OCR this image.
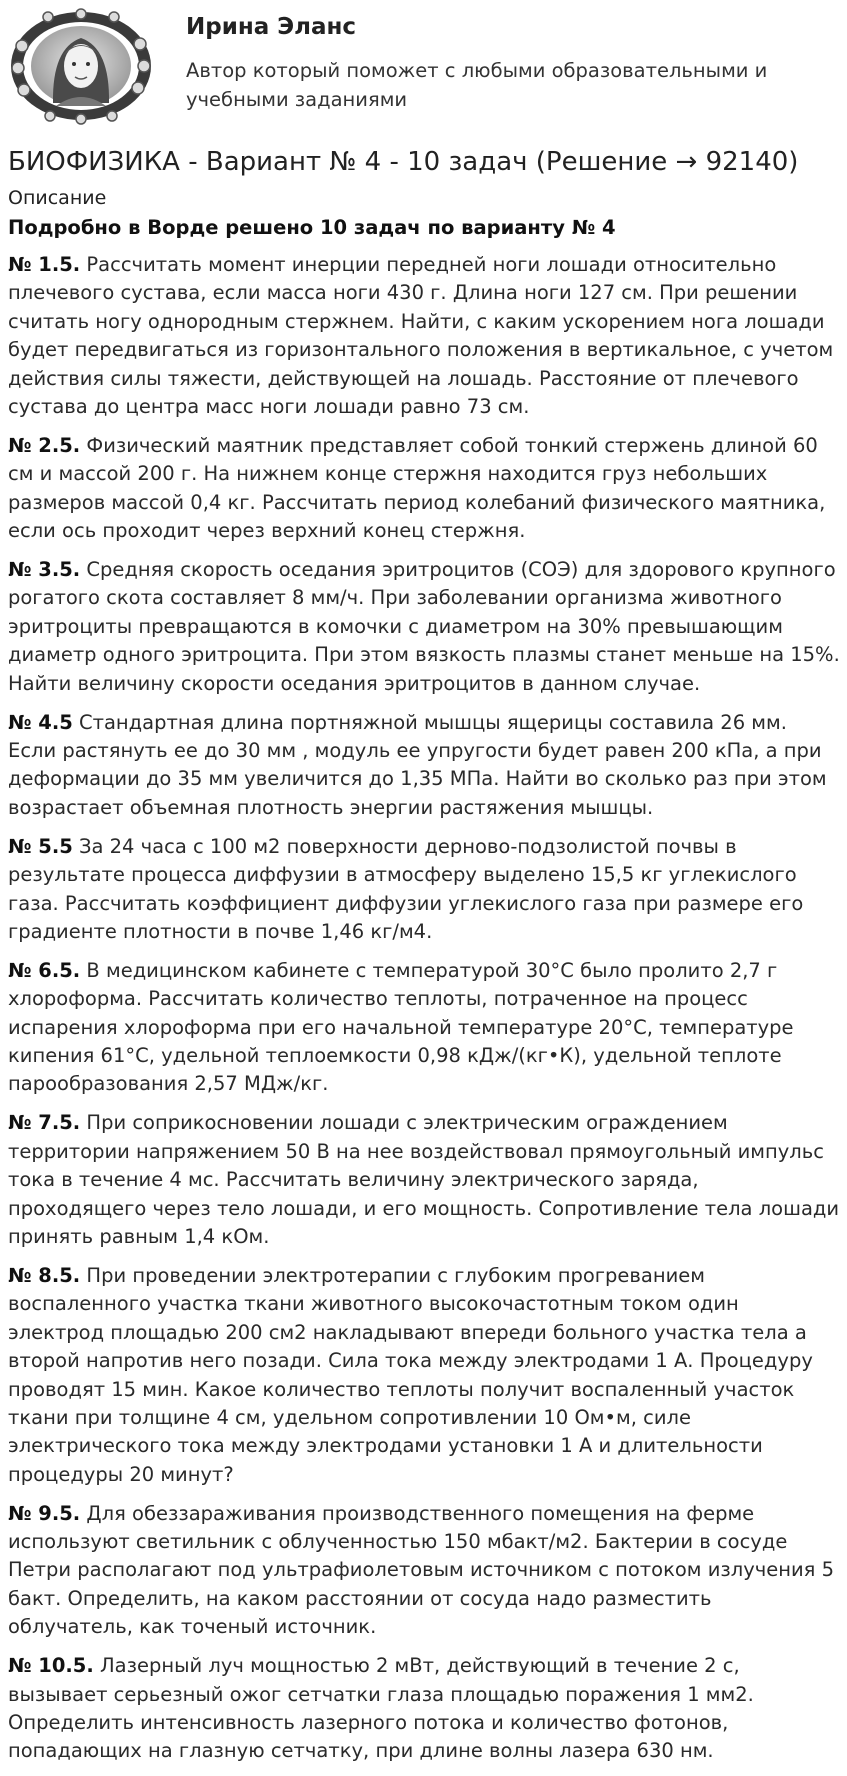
Ирина Эланс
Автор который поможет с любыми образовательными и учебными заданиями
БИОФИЗИКА - Вариант № 4 - 10 задач (Решение → 92140)
Описание
Подробно в Ворде решено 10 задач по варианту № 4

№ 1.5. Рассчитать момент инерции передней ноги лошади относительно плечевого сустава, если масса ноги 430 г. Длина ноги 127 см. При решении считать ногу однородным стержнем. Найти, с каким ускорением нога лошади будет передвигаться из горизонтального положения в вертикальное, с учетом действия силы тяжести, действующей на лошадь. Расстояние от плечевого сустава до центра масс ноги лошади равно 73 см.

№ 2.5. Физический маятник представляет собой тонкий стержень длиной 60 см и массой 200 г. На нижнем конце стержня находится груз небольших размеров массой 0,4 кг. Рассчитать период колебаний физического маятника, если ось проходит через верхний конец стержня.

№ 3.5. Средняя скорость оседания эритроцитов (СОЭ) для здорового крупного рогатого скота составляет 8 мм/ч. При заболевании организма животного эритроциты превращаются в комочки с диаметром на 30% превышающим диаметр одного эритроцита. При этом вязкость плазмы станет меньше на 15%. Найти величину скорости оседания эритроцитов в данном случае.

№ 4.5 Стандартная длина портняжной мышцы ящерицы составила 26 мм. Если растянуть ее до 30 мм , модуль ее упругости будет равен 200 кПа, а при деформации до 35 мм увеличится до 1,35 МПа. Найти во сколько раз при этом возрастает объемная плотность энергии растяжения мышцы.

№ 5.5 За 24 часа с 100 м2 поверхности дерново-подзолистой почвы в результате процесса диффузии в атмосферу выделено 15,5 кг углекислого газа. Рассчитать коэффициент диффузии углекислого газа при размере его градиенте плотности в почве 1,46 кг/м4.

№ 6.5. В медицинском кабинете с температурой 30°С было пролито 2,7 г хлороформа. Рассчитать количество теплоты, потраченное на процесс испарения хлороформа при его начальной температуре 20°С, температуре кипения 61°С, удельной теплоемкости 0,98 кДж/(кг•К), удельной теплоте парообразования 2,57 МДж/кг.

№ 7.5. При соприкосновении лошади с электрическим ограждением территории напряжением 50 В на нее воздействовал прямоугольный импульс тока в течение 4 мс. Рассчитать величину электрического заряда, проходящего через тело лошади, и его мощность. Сопротивление тела лошади принять равным 1,4 кОм.

№ 8.5. При проведении электротерапии с глубоким прогреванием воспаленного участка ткани животного высокочастотным током один электрод площадью 200 см2 накладывают впереди больного участка тела а второй напротив него позади. Сила тока между электродами 1 А. Процедуру проводят 15 мин. Какое количество теплоты получит воспаленный участок ткани при толщине 4 см, удельном сопротивлении 10 Ом•м, силе электрического тока между электродами установки 1 А и длительности процедуры 20 минут?

№ 9.5. Для обеззараживания производственного помещения на ферме используют светильник с облученностью 150 мбакт/м2. Бактерии в сосуде Петри располагают под ультрафиолетовым источником с потоком излучения 5 бакт. Определить, на каком расстоянии от сосуда надо разместить облучатель, как точеный источник.

№ 10.5. Лазерный луч мощностью 2 мВт, действующий в течение 2 с, вызывает серьезный ожог сетчатки глаза площадью поражения 1 мм2. Определить интенсивность лазерного потока и количество фотонов, попадающих на глазную сетчатку, при длине волны лазера 630 нм.
